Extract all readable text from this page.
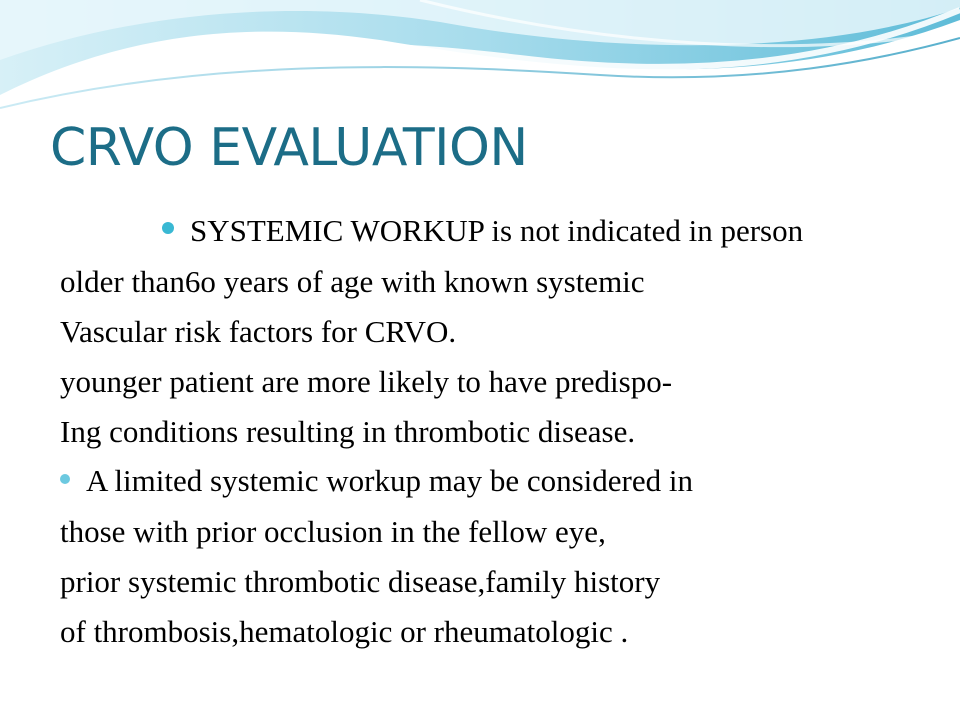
CRVO EVALUATION
SYSTEMIC WORKUP is not indicated in person
older than6o years of age with known systemic
Vascular risk factors for CRVO.
younger patient are more likely to have predispo-
Ing conditions resulting in thrombotic disease.
A limited systemic workup may be considered in
those with prior occlusion in the fellow eye,
prior systemic thrombotic disease,family history
of thrombosis,hematologic or rheumatologic .
